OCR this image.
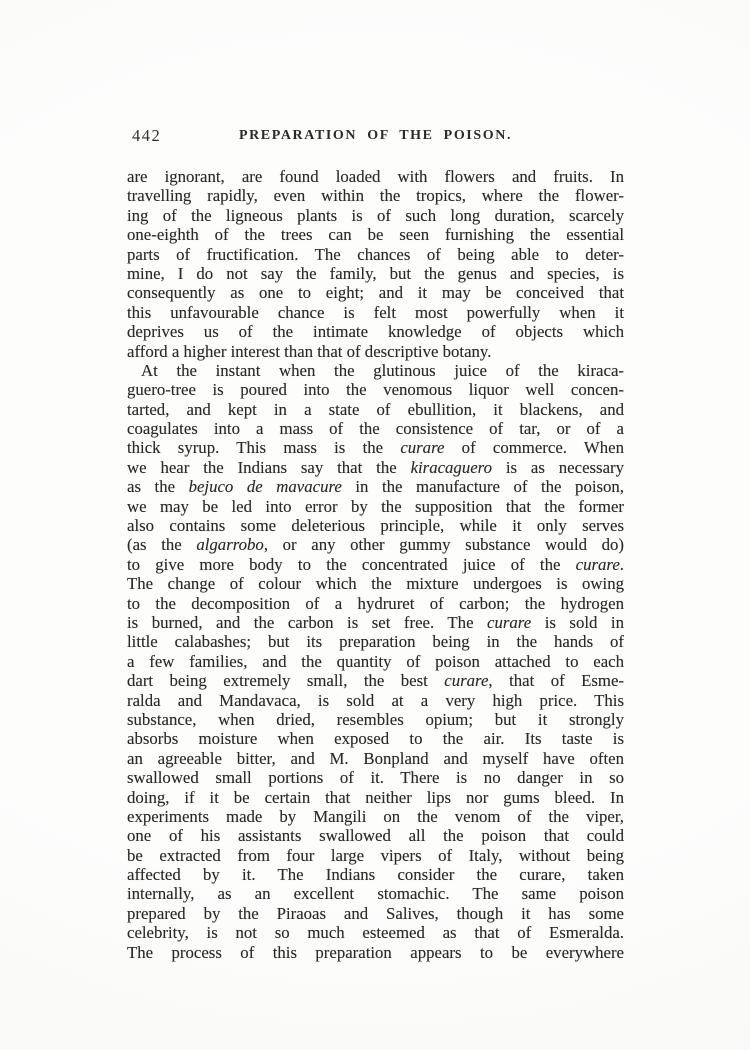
442	PREPARATION OF THE POISON.
are ignorant, are found loaded with flowers and fruits. In
travelling rapidly, even within the tropics, where the flower-
ing of the ligneous plants is of such long duration, scarcely
one-eighth of the trees can be seen furnishing the essential
parts of fructification. The chances of being able to deter-
mine, I do not say the family, but the genus and species, is
consequently as one to eight; and it may be conceived that
this unfavourable chance is felt most powerfully when it
deprives us of the intimate knowledge of objects which
afford a higher interest than that of descriptive botany.
At the instant when the glutinous juice of the kiraca-
guero-tree is poured into the venomous liquor well concen-
tarted, and kept in a state of ebullition, it blackens, and
coagulates into a mass of the consistence of tar, or of a
thick syrup. This mass is the curare of commerce. When
we hear the Indians say that the kiracaguero is as necessary
as the bejuco de mavacure in the manufacture of the poison,
we may be led into error by the supposition that the former
also contains some deleterious principle, while it only serves
(as the algarrobo, or any other gummy substance would do)
to give more body to the concentrated juice of the curare.
The change of colour which the mixture undergoes is owing
to the decomposition of a hydruret of carbon; the hydrogen
is burned, and the carbon is set free. The curare is sold in
little calabashes; but its preparation being in the hands of
a few families, and the quantity of poison attached to each
dart being extremely small, the best curare, that of Esme-
ralda and Mandavaca, is sold at a very high price. This
substance, when dried, resembles opium; but it strongly
absorbs moisture when exposed to the air. Its taste is
an agreeable bitter, and M. Bonpland and myself have often
swallowed small portions of it. There is no danger in so
doing, if it be certain that neither lips nor gums bleed. In
experiments made by Mangili on the venom of the viper,
one of his assistants swallowed all the poison that could
be extracted from four large vipers of Italy, without being
affected by it. The Indians consider the curare, taken
internally, as an excellent stomachic. The same poison
prepared by the Piraoas and Salives, though it has some
celebrity, is not so much esteemed as that of Esmeralda.
The process of this preparation appears to be everywhere
